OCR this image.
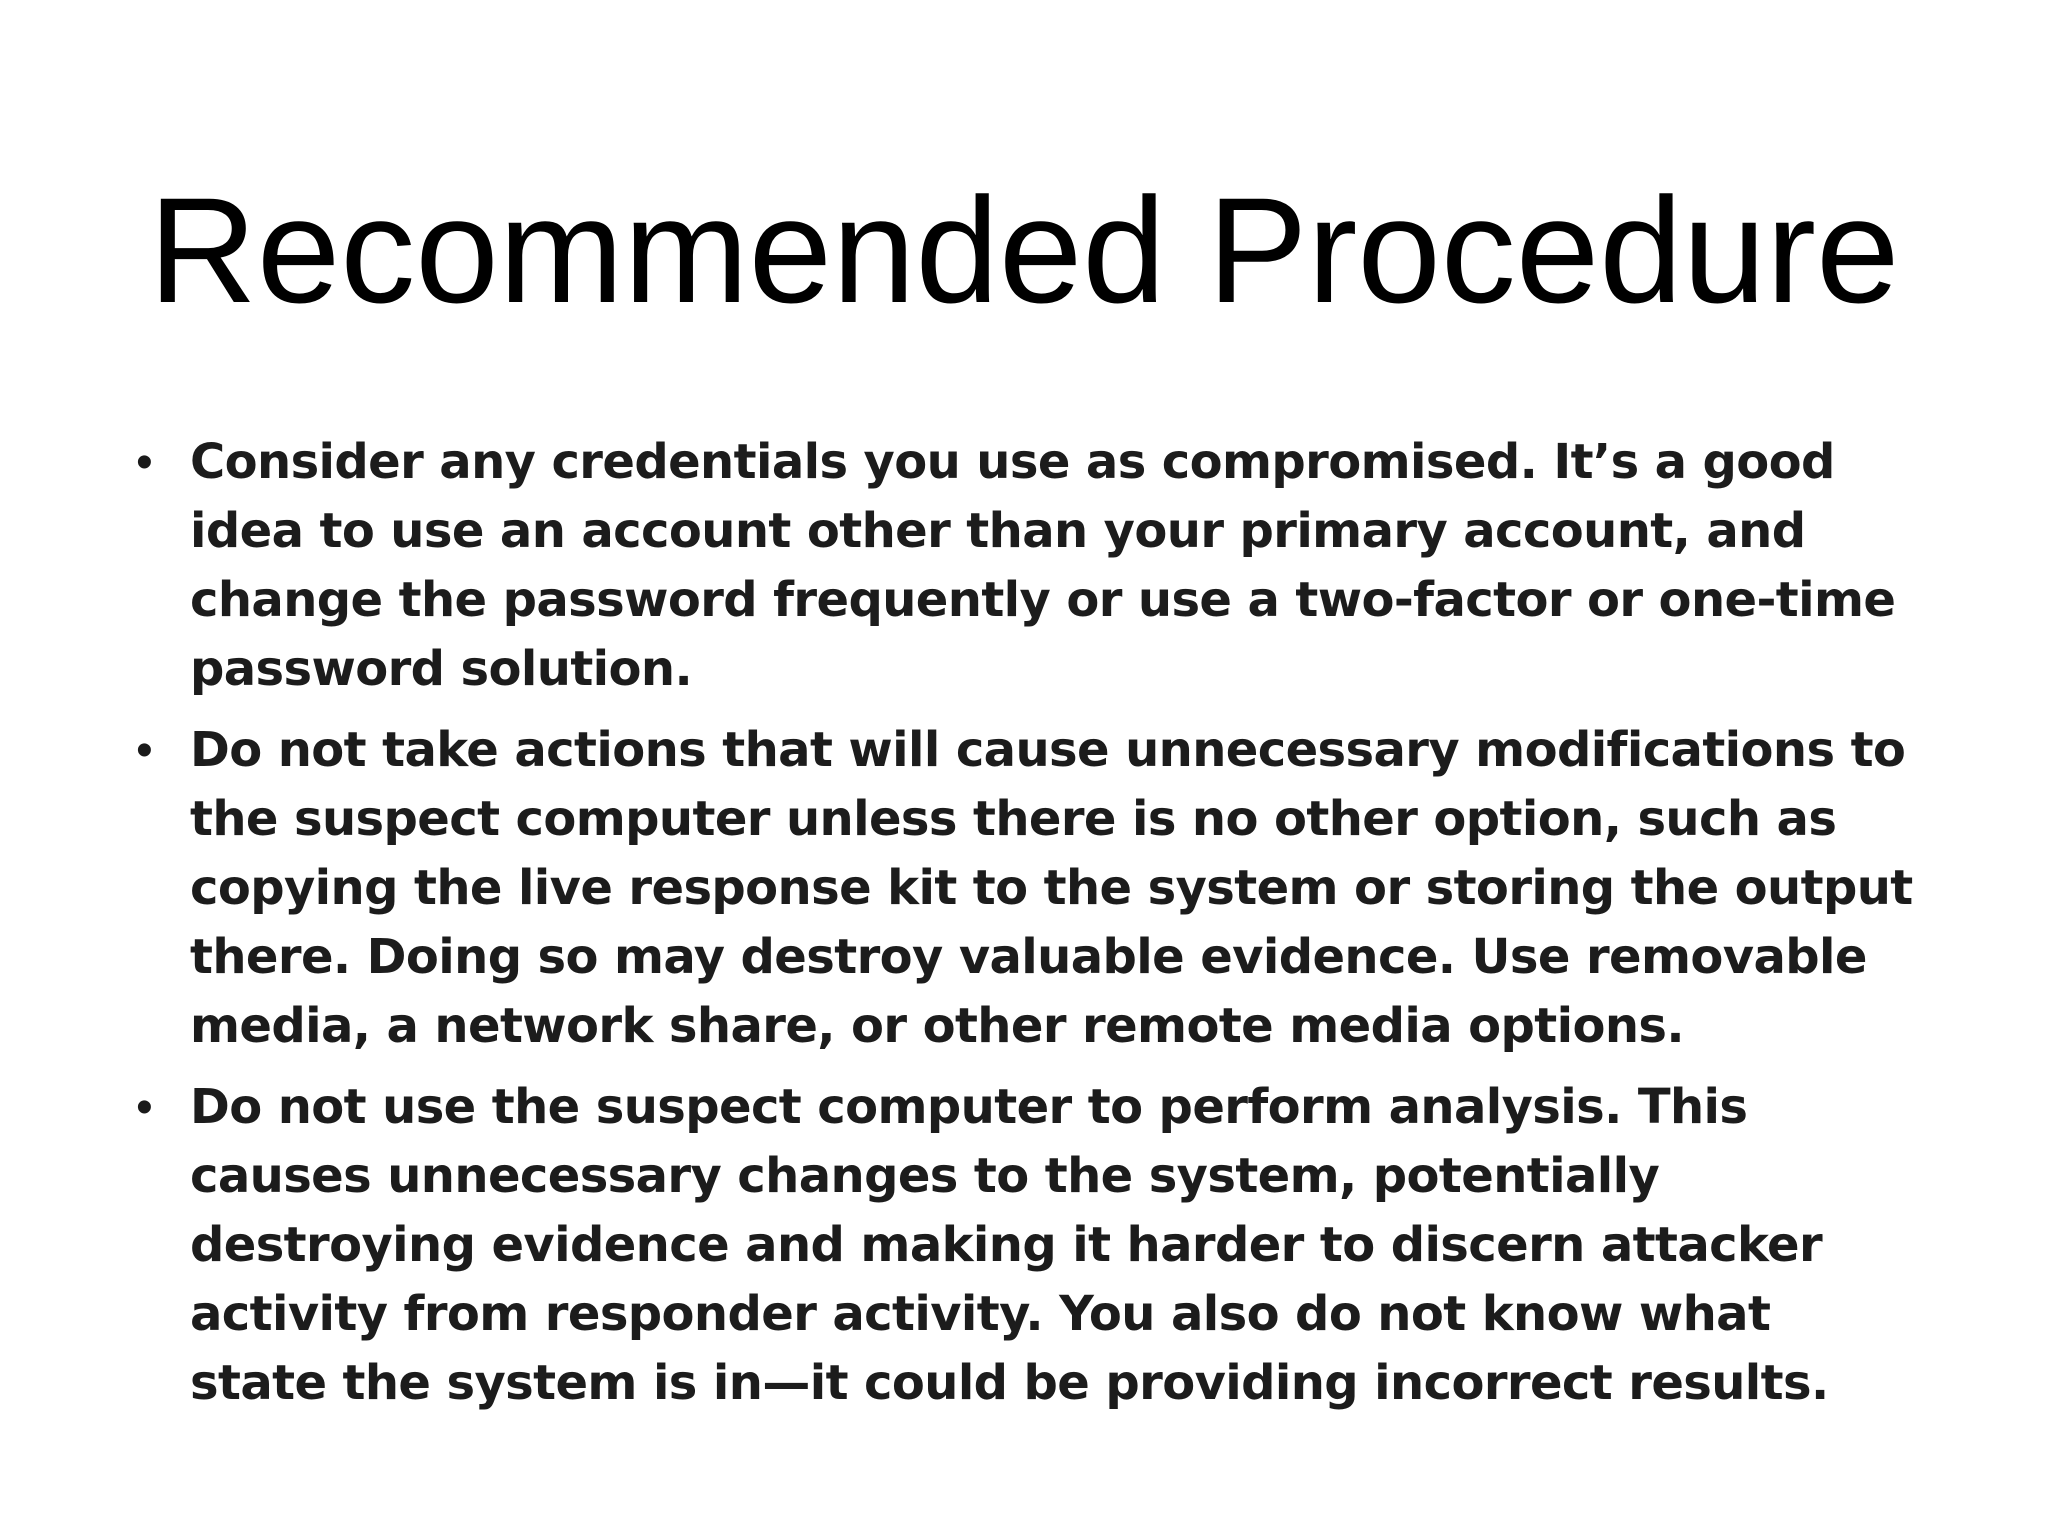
Recommended Procedure
• Consider any credentials you use as compromised. It’s a good idea to use an account other than your primary account, and change the password frequently or use a two-factor or one-time password solution.
• Do not take actions that will cause unnecessary modifications to the suspect computer unless there is no other option, such as copying the live response kit to the system or storing the output there. Doing so may destroy valuable evidence. Use removable media, a network share, or other remote media options.
• Do not use the suspect computer to perform analysis. This causes unnecessary changes to the system, potentially destroying evidence and making it harder to discern attacker activity from responder activity. You also do not know what state the system is in—it could be providing incorrect results.
